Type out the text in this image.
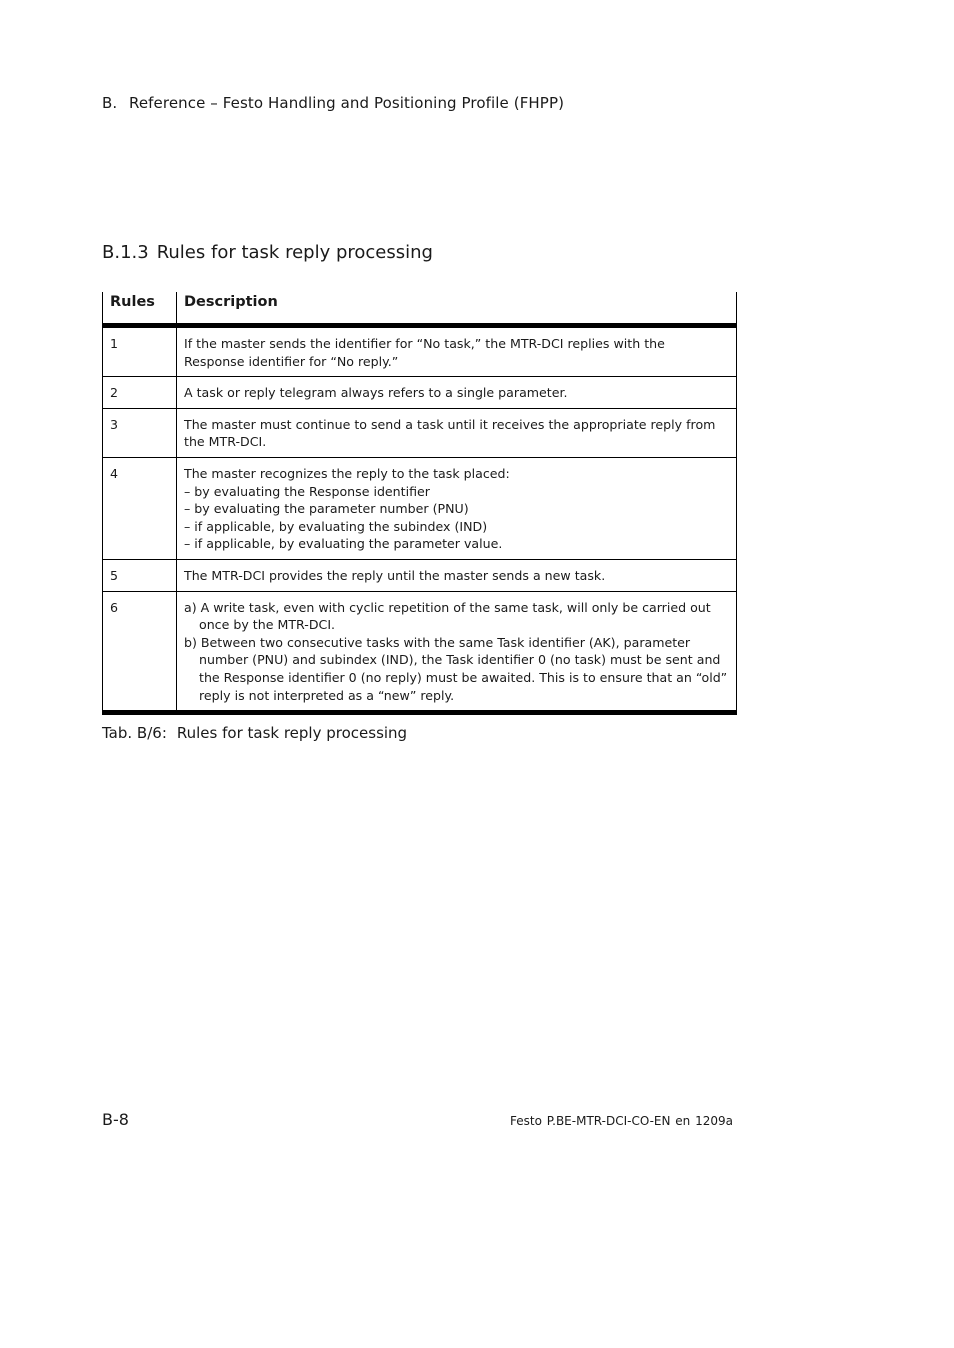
B. Reference – Festo Handling and Positioning Profile (FHPP)
B.1.3 Rules for task reply processing
Rules	Description
1	If the master sends the identifier for “No task,” the MTR-DCI replies with the Response identifier for “No reply.”
2	A task or reply telegram always refers to a single parameter.
3	The master must continue to send a task until it receives the appropriate reply from the MTR-DCI.
4	The master recognizes the reply to the task placed:
– by evaluating the Response identifier
– by evaluating the parameter number (PNU)
– if applicable, by evaluating the subindex (IND)
– if applicable, by evaluating the parameter value.

5	The MTR-DCI provides the reply until the master sends a new task.
6	a) A write task, even with cyclic repetition of the same task, will only be carried out once by the MTR-DCI.
b) Between two consecutive tasks with the same Task identifier (AK), parameter number (PNU) and subindex (IND), the Task identifier 0 (no task) must be sent and the Response identifier 0 (no reply) must be awaited. This is to ensure that an “old” reply is not interpreted as a “new” reply.
Tab. B/6: Rules for task reply processing
B-8	Festo P.BE-MTR-DCI-CO-EN en 1209a
